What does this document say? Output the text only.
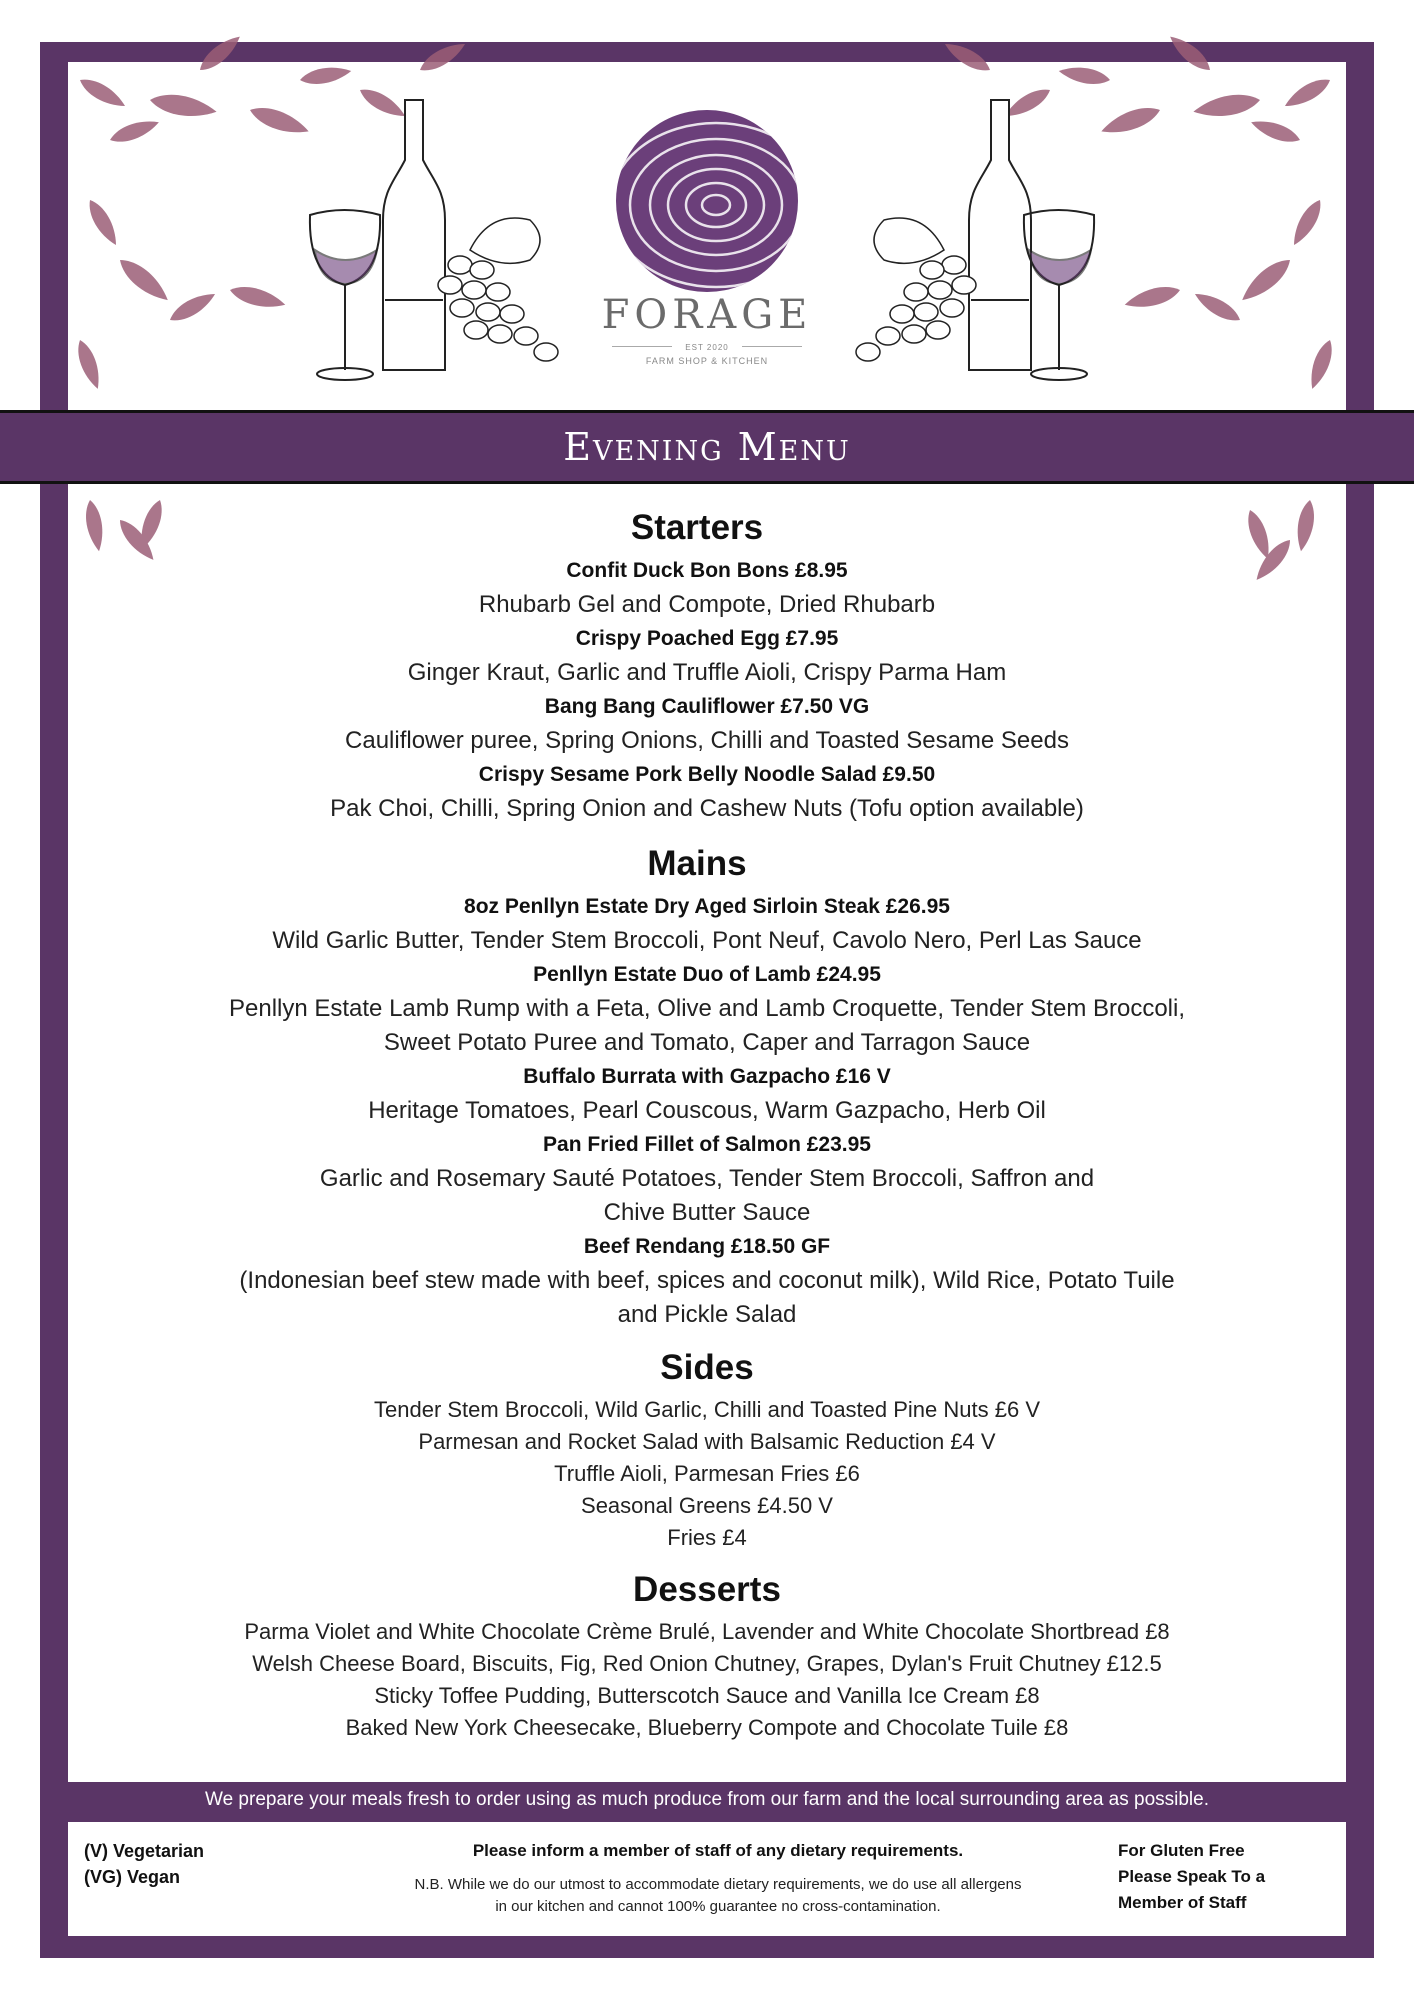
FORAGE
EST 2020
FARM SHOP & KITCHEN
Evening Menu
Starters
Confit Duck Bon Bons £8.95
Rhubarb Gel and Compote, Dried Rhubarb
Crispy Poached Egg £7.95
Ginger Kraut, Garlic and Truffle Aioli, Crispy Parma Ham
Bang Bang Cauliflower £7.50 VG
Cauliflower puree, Spring Onions, Chilli and Toasted Sesame Seeds
Crispy Sesame Pork Belly Noodle Salad £9.50
Pak Choi, Chilli, Spring Onion and Cashew Nuts (Tofu option available)
Mains
8oz Penllyn Estate Dry Aged Sirloin Steak £26.95
Wild Garlic Butter, Tender Stem Broccoli, Pont Neuf, Cavolo Nero, Perl Las Sauce
Penllyn Estate Duo of Lamb £24.95
Penllyn Estate Lamb Rump with a Feta, Olive and Lamb Croquette, Tender Stem Broccoli,
Sweet Potato Puree and Tomato, Caper and Tarragon Sauce
Buffalo Burrata with Gazpacho £16 V
Heritage Tomatoes, Pearl Couscous, Warm Gazpacho, Herb Oil
Pan Fried Fillet of Salmon £23.95
Garlic and Rosemary Sauté Potatoes, Tender Stem Broccoli, Saffron and
Chive Butter Sauce
Beef Rendang £18.50 GF
(Indonesian beef stew made with beef, spices and coconut milk), Wild Rice, Potato Tuile
and Pickle Salad
Sides
Tender Stem Broccoli, Wild Garlic, Chilli and Toasted Pine Nuts £6 V
Parmesan and Rocket Salad with Balsamic Reduction £4 V
Truffle Aioli, Parmesan Fries £6
Seasonal Greens £4.50 V
Fries £4
Desserts
Parma Violet and White Chocolate Crème Brulé, Lavender and White Chocolate Shortbread £8
Welsh Cheese Board, Biscuits, Fig, Red Onion Chutney, Grapes, Dylan's Fruit Chutney £12.5
Sticky Toffee Pudding, Butterscotch Sauce and Vanilla Ice Cream £8
Baked New York Cheesecake, Blueberry Compote and Chocolate Tuile £8
We prepare your meals fresh to order using as much produce from our farm and the local surrounding area as possible.
(V) Vegetarian
(VG) Vegan
Please inform a member of staff of any dietary requirements.
N.B. While we do our utmost to accommodate dietary requirements, we do use all allergens
in our kitchen and cannot 100% guarantee no cross-contamination.
For Gluten Free
Please Speak To a
Member of Staff
